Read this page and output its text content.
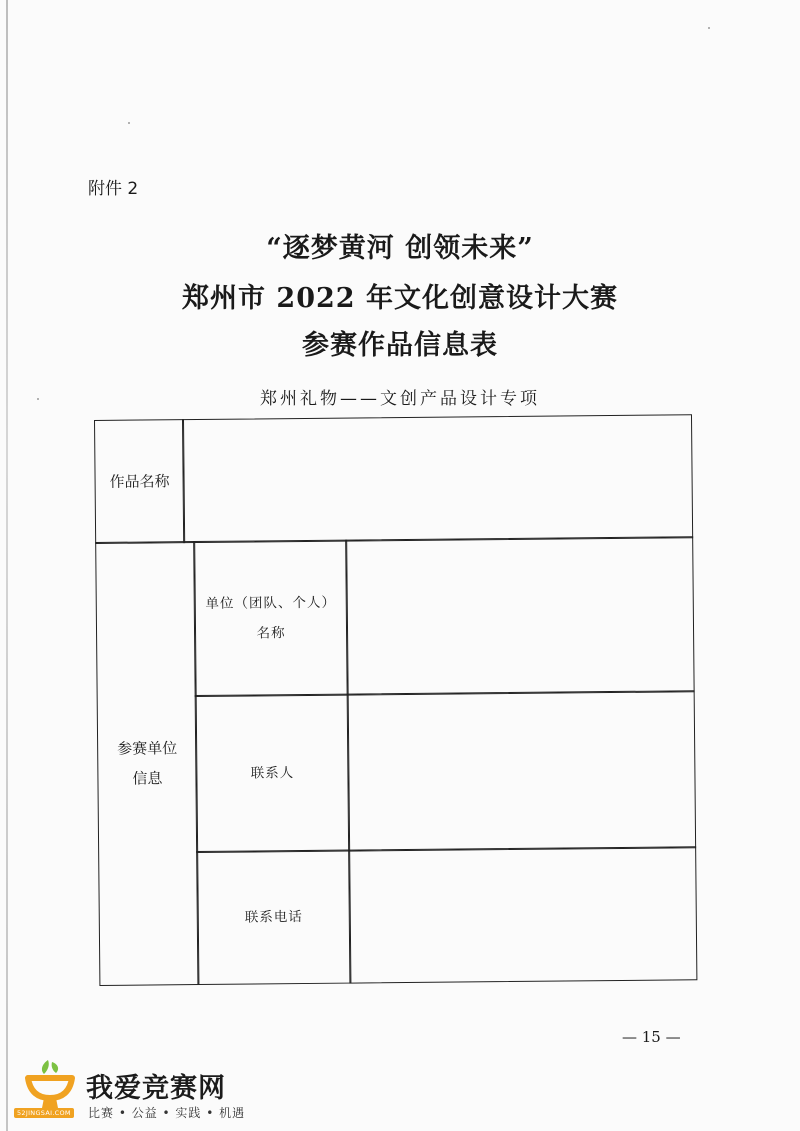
附件 2
“逐梦黄河 创领未来”
郑州市 2022 年文化创意设计大赛
参赛作品信息表
郑州礼物——文创产品设计专项
作品名称
参赛单位
信息
单位（团队、个人）
名称
联系人
联系电话
— 15 —
52JINGSAI.COM
我爱竞赛网
比赛 • 公益 • 实践 • 机遇
